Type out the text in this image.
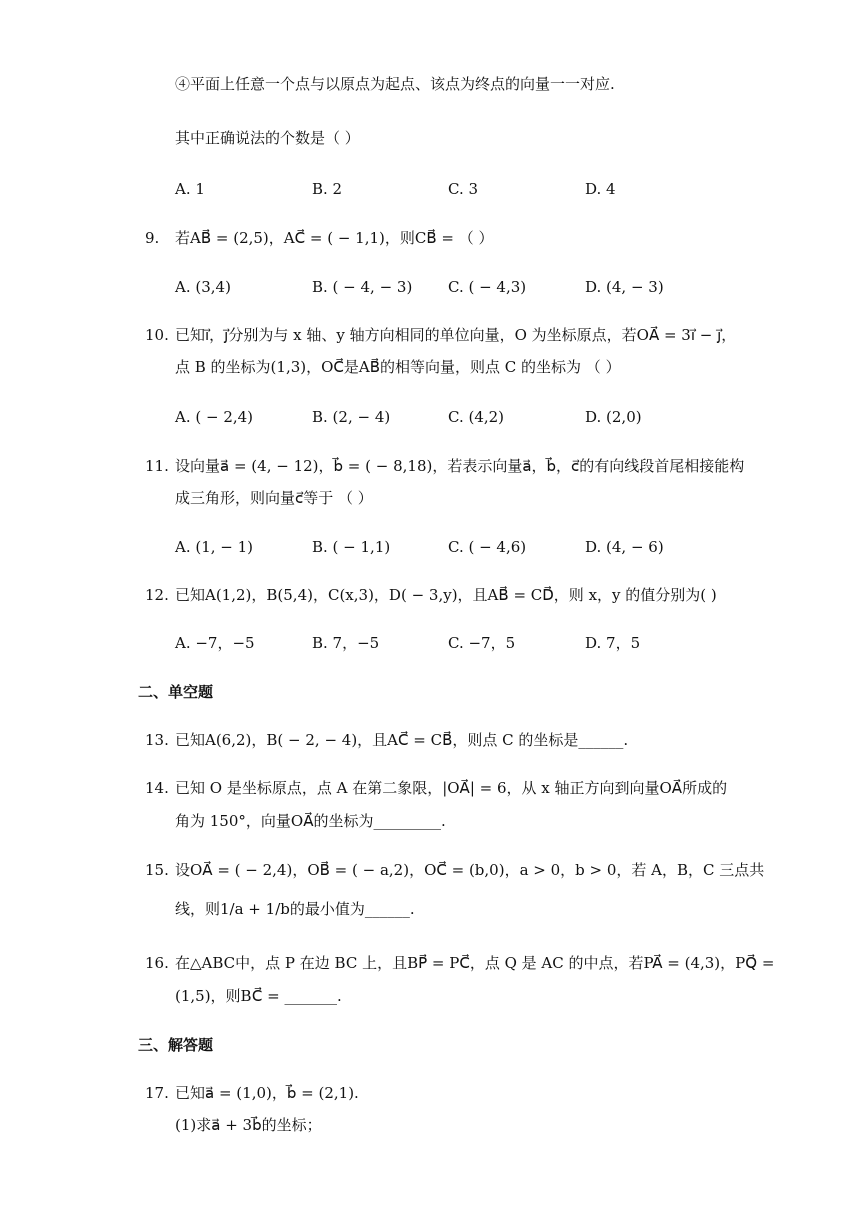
④平面上任意一个点与以原点为起点、该点为终点的向量一一对应.
其中正确说法的个数是（ ）
A. 1	B. 2	C. 3	D. 4
9. 若AB⃗ = (2,5)，AC⃗ = ( − 1,1)，则CB⃗ = （ ）
A. (3,4)	B. ( − 4, − 3) C. ( − 4,3)	D. (4, − 3)
10. 已知i⃗，j⃗分别为与 x 轴、y 轴方向相同的单位向量，O 为坐标原点，若OA⃗ = 3i⃗ − j⃗，
点 B 的坐标为(1,3)，OC⃗是AB⃗的相等向量，则点 C 的坐标为 （ ）
A. ( − 2,4)	B. (2, − 4)	C. (4,2)	D. (2,0)
11. 设向量a⃗ = (4, − 12)，b⃗ = ( − 8,18)，若表示向量a⃗，b⃗，c⃗的有向线段首尾相接能构
成三角形，则向量c⃗等于 （ ）
A. (1, − 1)	B. ( − 1,1)	C. ( − 4,6)	D. (4, − 6)
12. 已知A(1,2)，B(5,4)，C(x,3)，D( − 3,y)，且AB⃗ = CD⃗，则 x，y 的值分别为( )
A. −7，−5	B. 7，−5	C. −7，5	D. 7，5
二、单空题
13. 已知A(6,2)，B( − 2, − 4)，且AC⃗ = CB⃗，则点 C 的坐标是______.
14. 已知 O 是坐标原点，点 A 在第二象限，|OA⃗| = 6，从 x 轴正方向到向量OA⃗所成的
角为 150°，向量OA⃗的坐标为_________.
15. 设OA⃗ = ( − 2,4)，OB⃗ = ( − a,2)，OC⃗ = (b,0)，a > 0，b > 0，若 A，B，C 三点共
线，则1/a + 1/b的最小值为______.
16. 在△ABC中，点 P 在边 BC 上，且BP⃗ = PC⃗，点 Q 是 AC 的中点，若PA⃗ = (4,3)，PQ⃗ =
(1,5)，则BC⃗ = _______.
三、解答题
17. 已知a⃗ = (1,0)，b⃗ = (2,1).
(1)求a⃗ + 3b⃗的坐标；
